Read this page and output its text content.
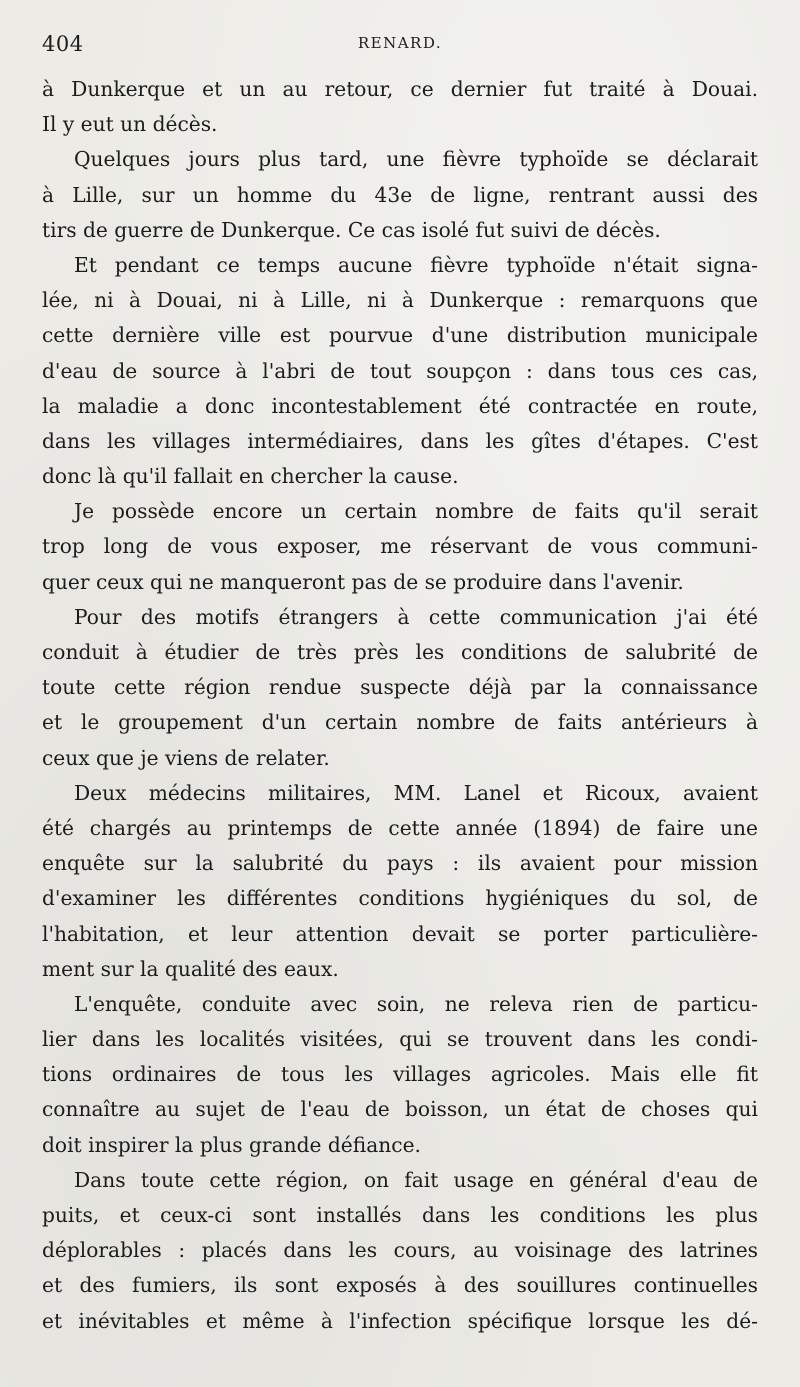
404	RENARD.
à Dunkerque et un au retour, ce dernier fut traité à Douai.
Il y eut un décès.
Quelques jours plus tard, une fièvre typhoïde se déclarait
à Lille, sur un homme du 43e de ligne, rentrant aussi des
tirs de guerre de Dunkerque. Ce cas isolé fut suivi de décès.
Et pendant ce temps aucune fièvre typhoïde n'était signa-
lée, ni à Douai, ni à Lille, ni à Dunkerque : remarquons que
cette dernière ville est pourvue d'une distribution municipale
d'eau de source à l'abri de tout soupçon : dans tous ces cas,
la maladie a donc incontestablement été contractée en route,
dans les villages intermédiaires, dans les gîtes d'étapes. C'est
donc là qu'il fallait en chercher la cause.
Je possède encore un certain nombre de faits qu'il serait
trop long de vous exposer, me réservant de vous communi-
quer ceux qui ne manqueront pas de se produire dans l'avenir.
Pour des motifs étrangers à cette communication j'ai été
conduit à étudier de très près les conditions de salubrité de
toute cette région rendue suspecte déjà par la connaissance
et le groupement d'un certain nombre de faits antérieurs à
ceux que je viens de relater.
Deux médecins militaires, MM. Lanel et Ricoux, avaient
été chargés au printemps de cette année (1894) de faire une
enquête sur la salubrité du pays : ils avaient pour mission
d'examiner les différentes conditions hygiéniques du sol, de
l'habitation, et leur attention devait se porter particulière-
ment sur la qualité des eaux.
L'enquête, conduite avec soin, ne releva rien de particu-
lier dans les localités visitées, qui se trouvent dans les condi-
tions ordinaires de tous les villages agricoles. Mais elle fit
connaître au sujet de l'eau de boisson, un état de choses qui
doit inspirer la plus grande défiance.
Dans toute cette région, on fait usage en général d'eau de
puits, et ceux-ci sont installés dans les conditions les plus
déplorables : placés dans les cours, au voisinage des latrines
et des fumiers, ils sont exposés à des souillures continuelles
et inévitables et même à l'infection spécifique lorsque les dé-
